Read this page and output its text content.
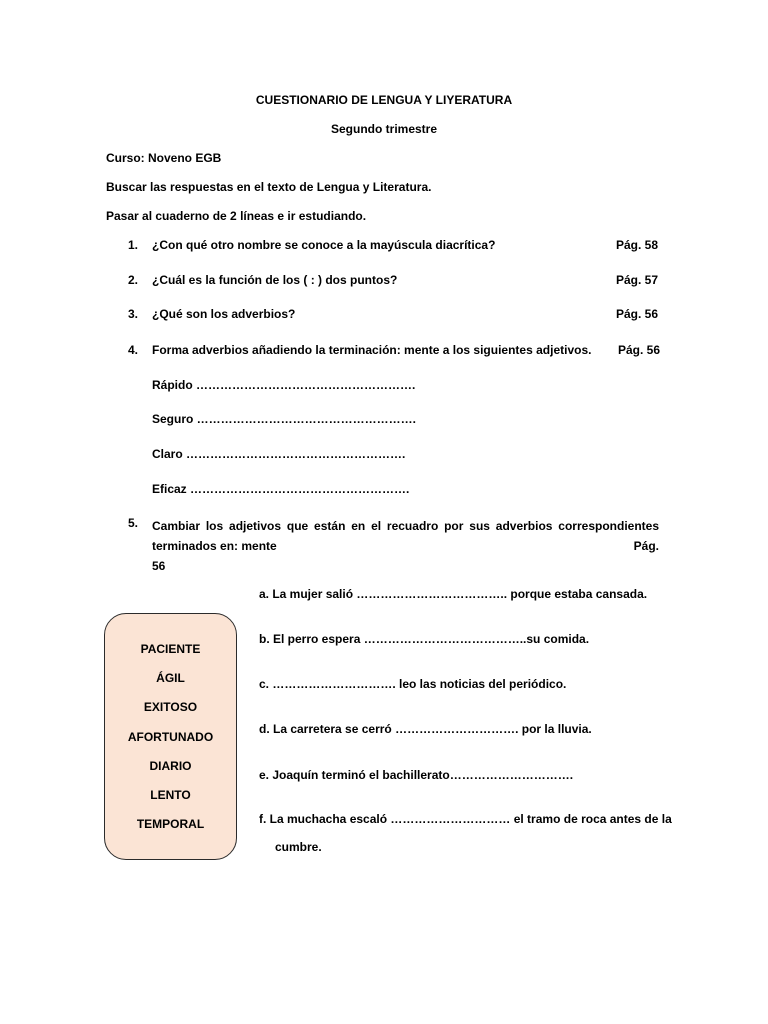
CUESTIONARIO DE LENGUA Y LIYERATURA
Segundo trimestre
Curso: Noveno EGB
Buscar las respuestas en el texto de Lengua y Literatura.
Pasar al cuaderno de 2 líneas e ir estudiando.
1. ¿Con qué otro nombre se conoce a la mayúscula diacrítica?	Pág. 58
2. ¿Cuál es la función de los ( : ) dos puntos?	Pág. 57
3. ¿Qué son los adverbios?	Pág. 56
4. Forma adverbios añadiendo la terminación: mente a los siguientes adjetivos. Pág. 56
Rápido ……………………………………………….
Seguro ……………………………………………….
Claro ……………………………………………….
Eficaz ……………………………………………….
5. Cambiar los adjetivos que están en el recuadro por sus adverbios correspondientes
terminados en: mente	Pág.
56
PACIENTE
ÁGIL
EXITOSO
AFORTUNADO
DIARIO
LENTO
TEMPORAL
a. La mujer salió ……………………………….. porque estaba cansada.
b. El perro espera …………………………………..su comida.
c. …………………………. leo las noticias del periódico.
d. La carretera se cerró …………………………. por la lluvia.
e. Joaquín terminó el bachillerato………………………….
f. La muchacha escaló ………………………… el tramo de roca antes de la
cumbre.
